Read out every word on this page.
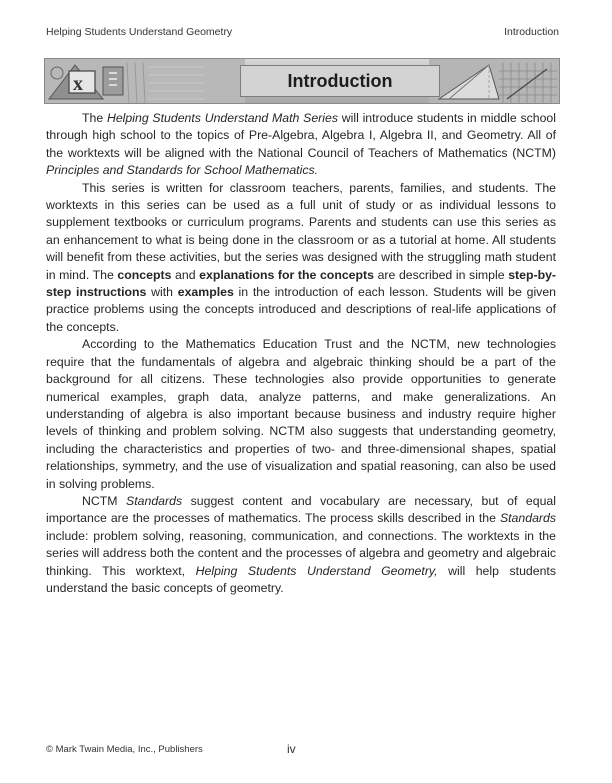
Helping Students Understand Geometry	Introduction
x	Introduction

The Helping Students Understand Math Series will introduce students in middle school through high school to the topics of Pre-Algebra, Algebra I, Algebra II, and Geometry. All of the worktexts will be aligned with the National Council of Teachers of Mathematics (NCTM) Principles and Standards for School Mathematics.

This series is written for classroom teachers, parents, families, and students. The worktexts in this series can be used as a full unit of study or as individual lessons to supplement textbooks or curriculum programs. Parents and students can use this series as an enhancement to what is being done in the classroom or as a tutorial at home. All students will benefit from these activities, but the series was designed with the struggling math student in mind. The concepts and explanations for the concepts are described in simple step-by-step instructions with examples in the introduction of each lesson. Students will be given practice problems using the concepts introduced and descriptions of real-life applications of the concepts.

According to the Mathematics Education Trust and the NCTM, new technologies require that the fundamentals of algebra and algebraic thinking should be a part of the background for all citizens. These technologies also provide opportunities to generate numerical examples, graph data, analyze patterns, and make generalizations. An understanding of algebra is also important because business and industry require higher levels of thinking and problem solving. NCTM also suggests that understanding geometry, including the characteristics and properties of two- and three-dimensional shapes, spatial relationships, symmetry, and the use of visualization and spatial reasoning, can also be used in solving problems.

NCTM Standards suggest content and vocabulary are necessary, but of equal importance are the processes of mathematics. The process skills described in the Standards include: problem solving, reasoning, communication, and connections. The worktexts in the series will address both the content and the processes of algebra and geometry and algebraic thinking. This worktext, Helping Students Understand Geometry, will help students understand the basic concepts of geometry.

© Mark Twain Media, Inc., Publishers	iv
